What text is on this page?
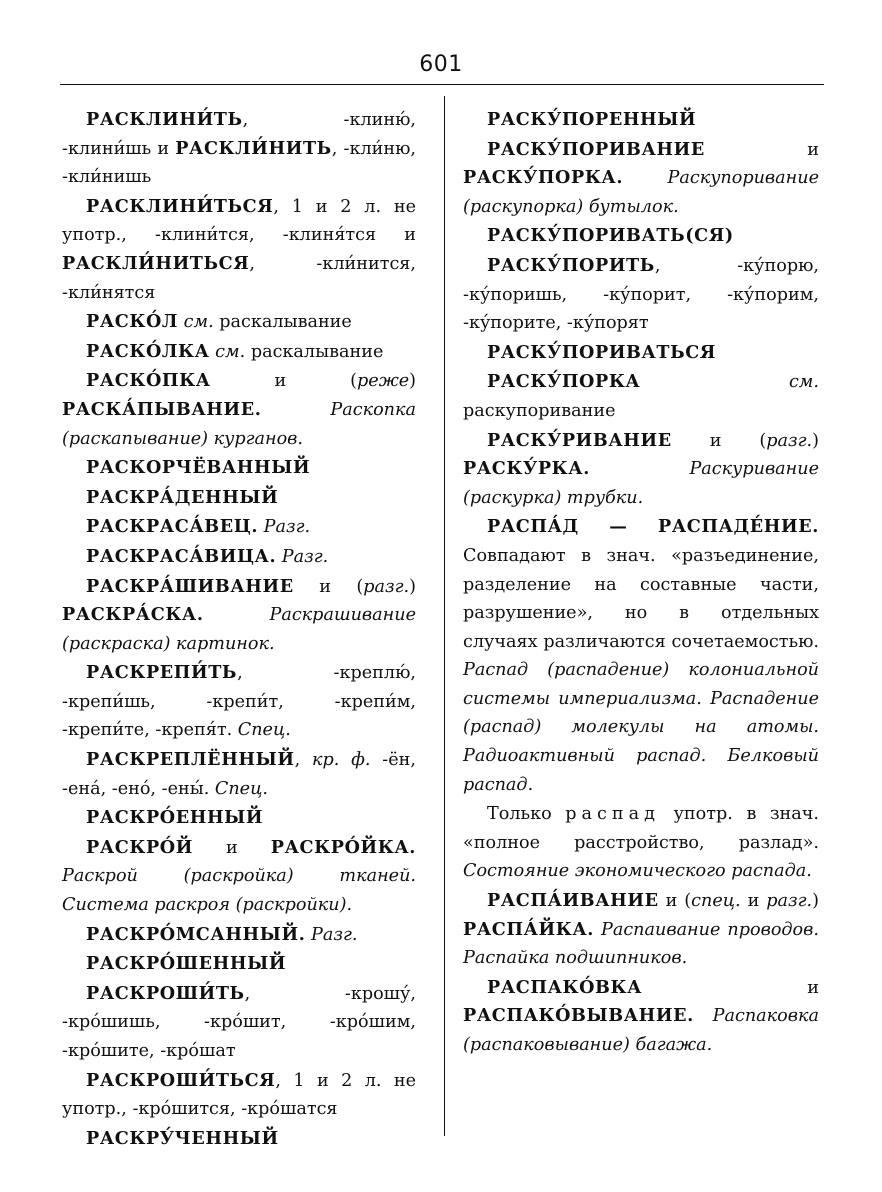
601

РАСКЛИНИ́ТЬ, -клиню́, -клини́шь и РАСКЛИ́НИТЬ, -кли́ню, -кли́нишь

РАСКЛИНИ́ТЬСЯ, 1 и 2 л. не употр., -клини́тся, -клиня́тся и РАСКЛИ́НИТЬСЯ, -кли́нится, -кли́нятся

РАСКО́Л см. раскалывание

РАСКО́ЛКА см. раскалывание

РАСКО́ПКА и (реже) РАСКА́ПЫВАНИЕ. Раскопка (раскапывание) курганов.

РАСКОРЧЁВАННЫЙ

РАСКРА́ДЕННЫЙ

РАСКРАСА́ВЕЦ. Разг.

РАСКРАСА́ВИЦА. Разг.

РАСКРА́ШИВАНИЕ и (разг.) РАСКРА́СКА. Раскрашивание (раскраска) картинок.

РАСКРЕПИ́ТЬ, -креплю́, -крепи́шь, -крепи́т, -крепи́м, -крепи́те, -крепя́т. Спец.

РАСКРЕПЛЁННЫЙ, кр. ф. -ён, -ена́, -ено́, -ены́. Спец.

РАСКРО́ЕННЫЙ

РАСКРО́Й и РАСКРО́ЙКА. Раскрой (раскройка) тканей. Система раскроя (раскройки).

РАСКРО́МСАННЫЙ. Разг.

РАСКРО́ШЕННЫЙ

РАСКРОШИ́ТЬ, -крошу́, -кро́шишь, -кро́шит, -кро́шим, -кро́шите, -кро́шат

РАСКРОШИ́ТЬСЯ, 1 и 2 л. не употр., -кро́шится, -кро́шатся

РАСКРУ́ЧЕННЫЙ

РАСКУ́ПОРЕННЫЙ

РАСКУ́ПОРИВАНИЕ и РАСКУ́ПОРКА. Раскупоривание (раскупорка) бутылок.

РАСКУ́ПОРИВАТЬ(СЯ)

РАСКУ́ПОРИТЬ, -ку́порю, -ку́поришь, -ку́порит, -ку́порим, -ку́порите, -ку́порят

РАСКУ́ПОРИВАТЬСЯ

РАСКУ́ПОРКА см. раскупоривание

РАСКУ́РИВАНИЕ и (разг.) РАСКУ́РКА. Раскуривание (раскурка) трубки.

РАСПА́Д — РАСПАДЕ́НИЕ. Совпадают в знач. «разъединение, разделение на составные части, разрушение», но в отдельных случаях различаются сочетаемостью. Распад (распадение) колониальной системы империализма. Распадение (распад) молекулы на атомы. Радиоактивный распад. Белковый распад.

Только распад употр. в знач. «полное расстройство, разлад». Состояние экономического распада.

РАСПА́ИВАНИЕ и (спец. и разг.) РАСПА́ЙКА. Распаивание проводов. Распайка подшипников.

РАСПАКО́ВКА и РАСПАКО́ВЫВАНИЕ. Распаковка (распаковывание) багажа.
